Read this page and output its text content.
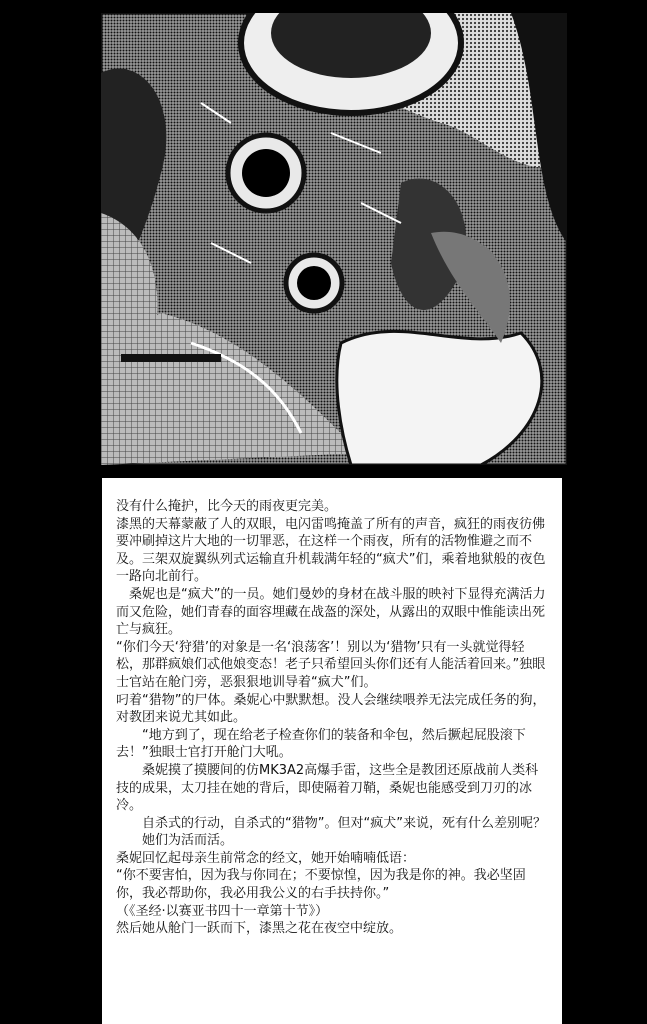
没有什么掩护，比今天的雨夜更完美。

漆黑的天幕蒙蔽了人的双眼，电闪雷鸣掩盖了所有的声音，疯狂的雨夜彷佛要冲刷掉这片大地的一切罪恶，在这样一个雨夜，所有的活物惟避之而不及。三架双旋翼纵列式运输直升机载满年轻的“疯犬”们，乘着地狱般的夜色一路向北前行。

　桑妮也是“疯犬”的一员。她们曼妙的身材在战斗服的映衬下显得充满活力而又危险，她们青春的面容埋藏在战盔的深处，从露出的双眼中惟能读出死亡与疯狂。

“你们今天‘狩猎’的对象是一名‘浪荡客’！别以为‘猎物’只有一头就觉得轻松，那群疯娘们忒他娘变态！老子只希望回头你们还有人能活着回来。”独眼士官站在舱门旁，恶狠狠地训导着“疯犬”们。

叼着“猎物”的尸体。桑妮心中默默想。没人会继续喂养无法完成任务的狗，对教团来说尤其如此。

　　“地方到了，现在给老子检查你们的装备和伞包，然后撅起屁股滚下去！”独眼士官打开舱门大吼。

　　桑妮摸了摸腰间的仿MK3A2高爆手雷，这些全是教团还原战前人类科技的成果，太刀挂在她的背后，即使隔着刀鞘，桑妮也能感受到刀刃的冰冷。

　　自杀式的行动，自杀式的“猎物”。但对“疯犬”来说，死有什么差别呢？

　　她们为活而活。

桑妮回忆起母亲生前常念的经文，她开始喃喃低语：

“你不要害怕，因为我与你同在；不要惊惶，因为我是你的神。我必坚固你，我必帮助你，我必用我公义的右手扶持你。”

（《圣经·以赛亚书四十一章第十节》）

然后她从舱门一跃而下，漆黑之花在夜空中绽放。
